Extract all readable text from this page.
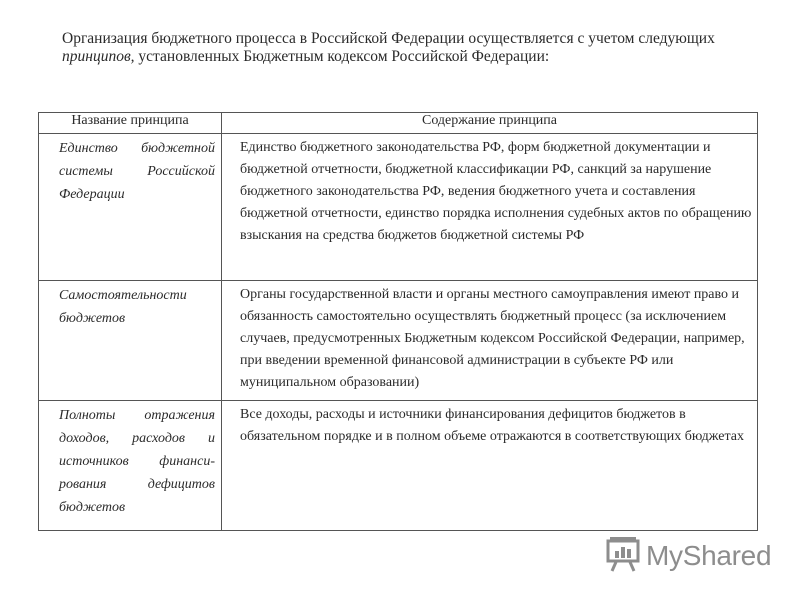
Организация бюджетного процесса в Российской Федерации осуществляется с учетом следующих
принципов, установленных Бюджетным кодексом Российской Федерации:
Название принципа	Содержание принципа
Единство бюджетной системы Российской Федерации	Единство бюджетного законодательства РФ, форм бюджетной документации и бюджетной отчетности, бюджетной классификации РФ, санкций за нарушение бюджетного законодательства РФ, ведения бюджетного учета и составления бюджетной отчетности, единство порядка исполнения судебных актов по обращению взыскания на средства бюджетов бюджетной системы РФ
Самостоятельности бюджетов	Органы государственной власти и органы местного самоуправления имеют право и обязанность самостоятельно осуществлять бюджетный процесс (за исключением случаев, предусмотренных Бюджетным кодексом Российской Федерации, например, при введении временной финансовой администрации в субъекте РФ или муниципальном образовании)
Полноты отражения доходов, расходов и источников финанси-рования дефицитов бюджетов	Все доходы, расходы и источники финансирования дефицитов бюджетов в обязательном порядке и в полном объеме отражаются в соответствующих бюджетах
MyShared
